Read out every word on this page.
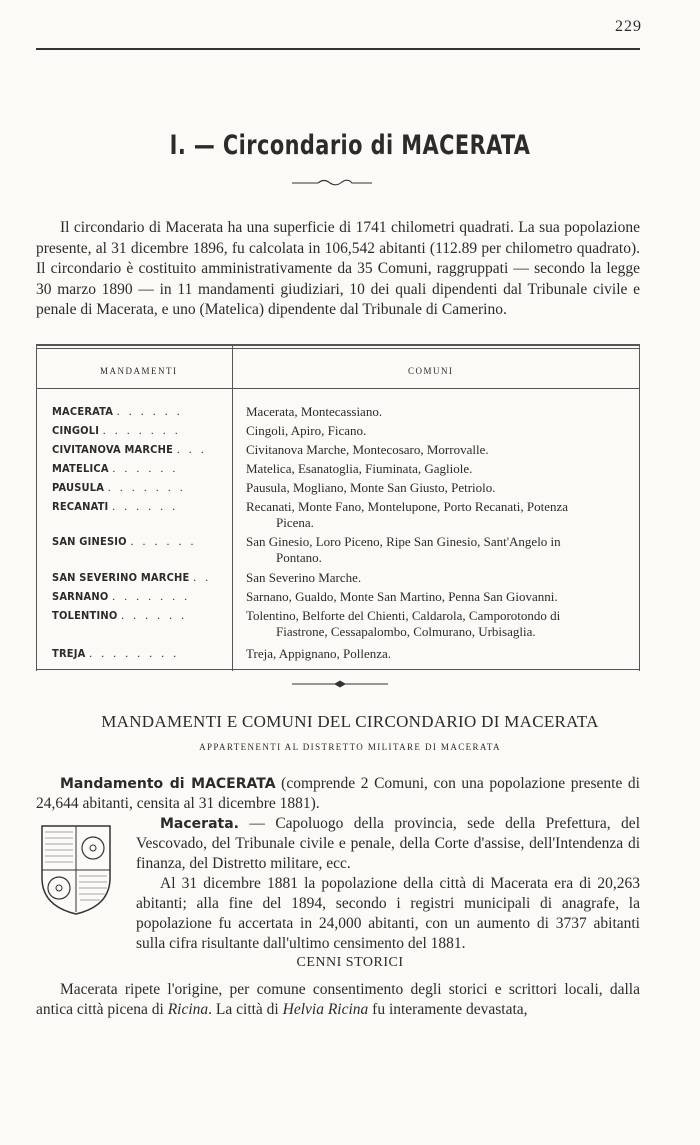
229
I. — Circondario di MACERATA

Il circondario di Macerata ha una superficie di 1741 chilometri quadrati. La sua popolazione presente, al 31 dicembre 1896, fu calcolata in 106,542 abitanti (112.89 per chilometro quadrato). Il circondario è costituito amministrativamente da 35 Comuni, raggruppati — secondo la legge 30 marzo 1890 — in 11 mandamenti giudiziari, 10 dei quali dipendenti dal Tribunale civile e penale di Macerata, e uno (Matelica) dipendente dal Tribunale di Camerino.

MANDAMENTI	COMUNI
MACERATA . . . . . .	Macerata, Montecassiano.
CINGOLI . . . . . . .	Cingoli, Apiro, Ficano.
CIVITANOVA MARCHE . . .	Civitanova Marche, Montecosaro, Morrovalle.
MATELICA . . . . . .	Matelica, Esanatoglia, Fiuminata, Gagliole.
PAUSULA . . . . . . .	Pausula, Mogliano, Monte San Giusto, Petriolo.
RECANATI . . . . . .	Recanati, Monte Fano, Montelupone, Porto Recanati, Potenza
Picena.
SAN GINESIO . . . . . .	San Ginesio, Loro Piceno, Ripe San Ginesio, Sant'Angelo in
Pontano.
SAN SEVERINO MARCHE . .	San Severino Marche.
SARNANO . . . . . . .	Sarnano, Gualdo, Monte San Martino, Penna San Giovanni.
TOLENTINO . . . . . .	Tolentino, Belforte del Chienti, Caldarola, Camporotondo di
Fiastrone, Cessapalombo, Colmurano, Urbisaglia.
TREJA . . . . . . . .	Treja, Appignano, Pollenza.
MANDAMENTI E COMUNI DEL CIRCONDARIO DI MACERATA
APPARTENENTI AL DISTRETTO MILITARE DI MACERATA

Mandamento di MACERATA (comprende 2 Comuni, con una popolazione presente di 24,644 abitanti, censita al 31 dicembre 1881).

Macerata. — Capoluogo della provincia, sede della Prefettura, del Vescovado, del Tribunale civile e penale, della Corte d'assise, dell'Intendenza di finanza, del Distretto militare, ecc.

Al 31 dicembre 1881 la popolazione della città di Macerata era di 20,263 abitanti; alla fine del 1894, secondo i registri municipali di anagrafe, la popolazione fu accertata in 24,000 abitanti, con un aumento di 3737 abitanti sulla cifra risultante dall'ultimo censimento del 1881.

CENNI STORICI

Macerata ripete l'origine, per comune consentimento degli storici e scrittori locali, dalla antica città picena di Ricina. La città di Helvia Ricina fu interamente devastata,
